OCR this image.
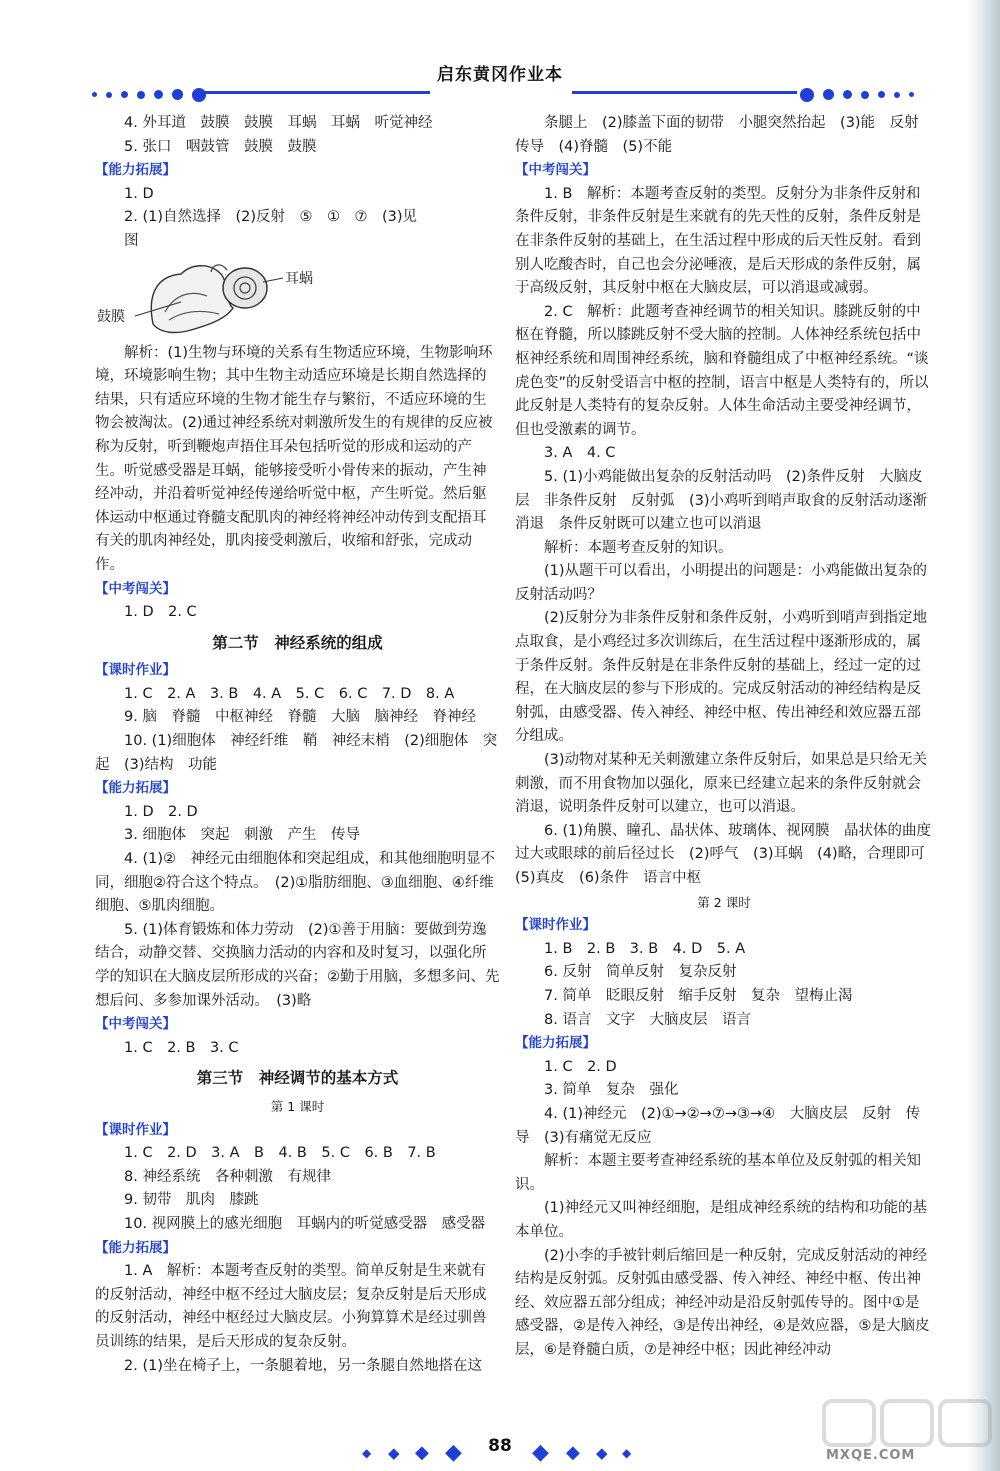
启东黄冈作业本

4. 外耳道　鼓膜　鼓膜　耳蜗　耳蜗　听觉神经

5. 张口　咽鼓管　鼓膜　鼓膜

【能力拓展】

1. D

2. (1)自然选择　(2)反射　⑤　①　⑦　(3)见

图

鼓膜
耳蜗

解析：(1)生物与环境的关系有生物适应环境，生物影响环境，环境影响生物；其中生物主动适应环境是长期自然选择的结果，只有适应环境的生物才能生存与繁衍，不适应环境的生物会被淘汰。(2)通过神经系统对刺激所发生的有规律的反应被称为反射，听到鞭炮声捂住耳朵包括听觉的形成和运动的产生。听觉感受器是耳蜗，能够接受听小骨传来的振动，产生神经冲动，并沿着听觉神经传递给听觉中枢，产生听觉。然后躯体运动中枢通过脊髓支配肌肉的神经将神经冲动传到支配捂耳有关的肌肉神经处，肌肉接受刺激后，收缩和舒张，完成动作。

【中考闯关】

1. D　2. C

第二节　神经系统的组成

【课时作业】

1. C　2. A　3. B　4. A　5. C　6. C　7. D　8. A

9. 脑　脊髓　中枢神经　脊髓　大脑　脑神经　脊神经

10. (1)细胞体　神经纤维　鞘　神经末梢　(2)细胞体　突起　(3)结构　功能

【能力拓展】

1. D　2. D

3. 细胞体　突起　刺激　产生　传导

4. (1)②　神经元由细胞体和突起组成，和其他细胞明显不同，细胞②符合这个特点。　(2)①脂肪细胞、③血细胞、④纤维细胞、⑤肌肉细胞。

5. (1)体育锻炼和体力劳动　(2)①善于用脑：要做到劳逸结合，动静交替、交换脑力活动的内容和及时复习，以强化所学的知识在大脑皮层所形成的兴奋；②勤于用脑，多想多问、先想后问、多参加课外活动。　(3)略

【中考闯关】

1. C　2. B　3. C

第三节　神经调节的基本方式

第 1 课时

【课时作业】

1. C　2. D　3. A　B　4. B　5. C　6. B　7. B

8. 神经系统　各种刺激　有规律

9. 韧带　肌肉　膝跳

10. 视网膜上的感光细胞　耳蜗内的听觉感受器　感受器

【能力拓展】

1. A　解析：本题考查反射的类型。简单反射是生来就有的反射活动，神经中枢不经过大脑皮层；复杂反射是后天形成的反射活动，神经中枢经过大脑皮层。小狗算算术是经过驯兽员训练的结果，是后天形成的复杂反射。

2. (1)坐在椅子上，一条腿着地，另一条腿自然地搭在这

条腿上　(2)膝盖下面的韧带　小腿突然抬起　(3)能　反射　传导　(4)脊髓　(5)不能

【中考闯关】

1. B　解析：本题考查反射的类型。反射分为非条件反射和条件反射，非条件反射是生来就有的先天性的反射，条件反射是在非条件反射的基础上，在生活过程中形成的后天性反射。看到别人吃酸杏时，自己也会分泌唾液，是后天形成的条件反射，属于高级反射，其反射中枢在大脑皮层，可以消退或减弱。

2. C　解析：此题考查神经调节的相关知识。膝跳反射的中枢在脊髓，所以膝跳反射不受大脑的控制。人体神经系统包括中枢神经系统和周围神经系统，脑和脊髓组成了中枢神经系统。“谈虎色变”的反射受语言中枢的控制，语言中枢是人类特有的，所以此反射是人类特有的复杂反射。人体生命活动主要受神经调节，但也受激素的调节。

3. A　4. C

5. (1)小鸡能做出复杂的反射活动吗　(2)条件反射　大脑皮层　非条件反射　反射弧　(3)小鸡听到哨声取食的反射活动逐渐消退　条件反射既可以建立也可以消退

解析：本题考查反射的知识。

(1)从题干可以看出，小明提出的问题是：小鸡能做出复杂的反射活动吗？

(2)反射分为非条件反射和条件反射，小鸡听到哨声到指定地点取食，是小鸡经过多次训练后，在生活过程中逐渐形成的，属于条件反射。条件反射是在非条件反射的基础上，经过一定的过程，在大脑皮层的参与下形成的。完成反射活动的神经结构是反射弧，由感受器、传入神经、神经中枢、传出神经和效应器五部分组成。

(3)动物对某种无关刺激建立条件反射后，如果总是只给无关刺激，而不用食物加以强化，原来已经建立起来的条件反射就会消退，说明条件反射可以建立，也可以消退。

6. (1)角膜、瞳孔、晶状体、玻璃体、视网膜　晶状体的曲度过大或眼球的前后径过长　(2)呼气　(3)耳蜗　(4)略，合理即可　(5)真皮　(6)条件　语言中枢

第 2 课时

【课时作业】

1. B　2. B　3. B　4. D　5. A

6. 反射　简单反射　复杂反射

7. 简单　眨眼反射　缩手反射　复杂　望梅止渴

8. 语言　文字　大脑皮层　语言

【能力拓展】

1. C　2. D

3. 简单　复杂　强化

4. (1)神经元　(2)①→②→⑦→③→④　大脑皮层　反射　传导　(3)有痛觉无反应

解析：本题主要考查神经系统的基本单位及反射弧的相关知识。

(1)神经元又叫神经细胞，是组成神经系统的结构和功能的基本单位。

(2)小李的手被针刺后缩回是一种反射，完成反射活动的神经结构是反射弧。反射弧由感受器、传入神经、神经中枢、传出神经、效应器五部分组成；神经冲动是沿反射弧传导的。图中①是感受器，②是传入神经，③是传出神经，④是效应器，⑤是大脑皮层，⑥是脊髓白质，⑦是神经中枢；因此神经冲动

◆ ◆ ◆ ◆	◆ ◆ ◆ ◆
88	MXQE.COM
